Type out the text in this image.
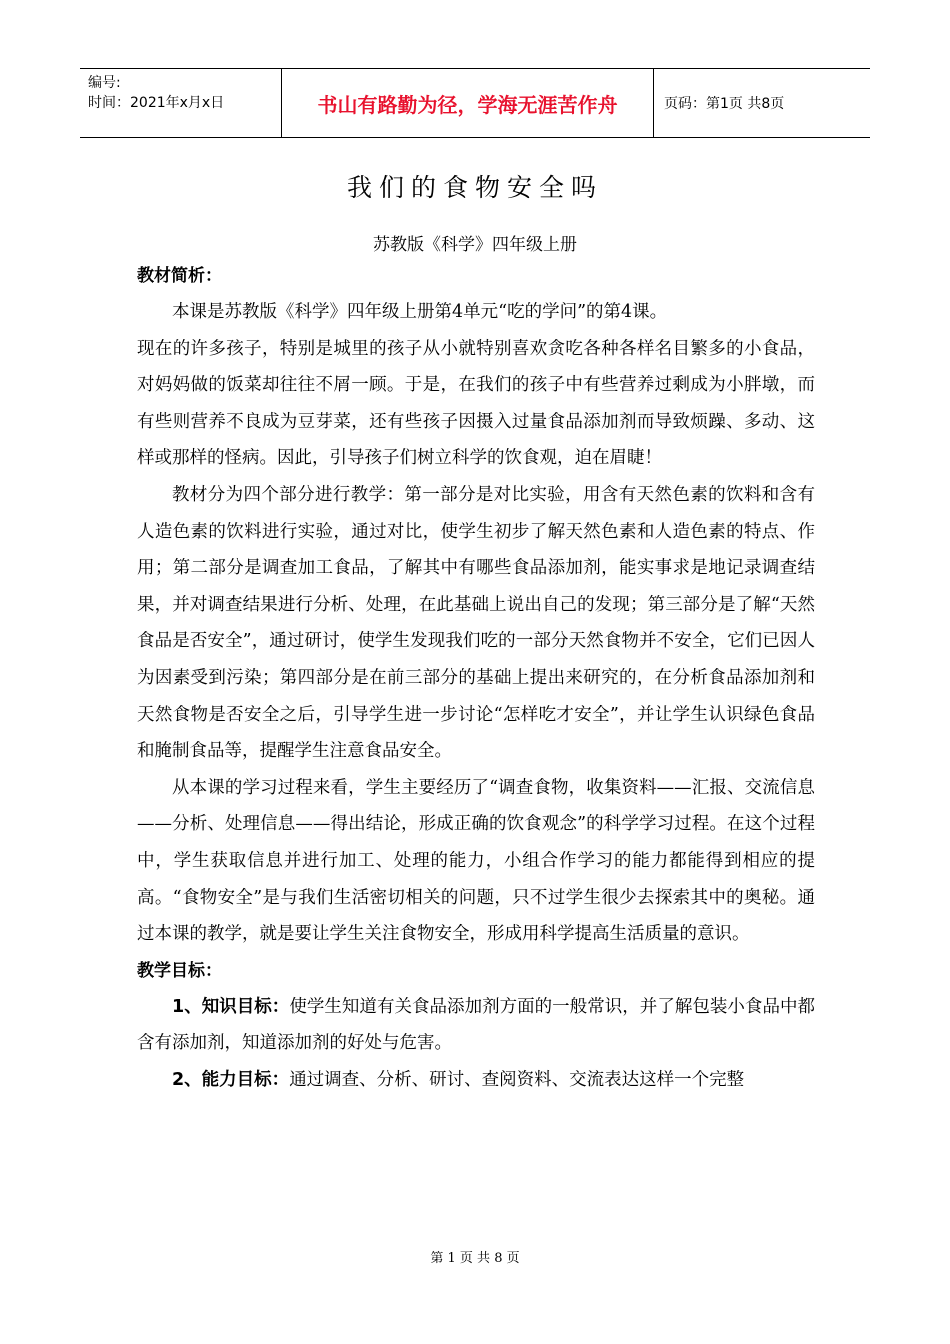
编号:
时间：2021年x月x日	书山有路勤为径，学海无涯苦作舟	页码：第1页 共8页
我们的食物安全吗
苏教版《科学》四年级上册
教材简析：

本课是苏教版《科学》四年级上册第4单元“吃的学问”的第4课。

现在的许多孩子，特别是城里的孩子从小就特别喜欢贪吃各种各样名目繁多的小食品，对妈妈做的饭菜却往往不屑一顾。于是，在我们的孩子中有些营养过剩成为小胖墩，而有些则营养不良成为豆芽菜，还有些孩子因摄入过量食品添加剂而导致烦躁、多动、这样或那样的怪病。因此，引导孩子们树立科学的饮食观，迫在眉睫！

教材分为四个部分进行教学：第一部分是对比实验，用含有天然色素的饮料和含有人造色素的饮料进行实验，通过对比，使学生初步了解天然色素和人造色素的特点、作用；第二部分是调查加工食品，了解其中有哪些食品添加剂，能实事求是地记录调查结果，并对调查结果进行分析、处理，在此基础上说出自己的发现；第三部分是了解“天然食品是否安全”，通过研讨，使学生发现我们吃的一部分天然食物并不安全，它们已因人为因素受到污染；第四部分是在前三部分的基础上提出来研究的，在分析食品添加剂和天然食物是否安全之后，引导学生进一步讨论“怎样吃才安全”，并让学生认识绿色食品和腌制食品等，提醒学生注意食品安全。

从本课的学习过程来看，学生主要经历了“调查食物，收集资料——汇报、交流信息——分析、处理信息——得出结论，形成正确的饮食观念”的科学学习过程。在这个过程中，学生获取信息并进行加工、处理的能力，小组合作学习的能力都能得到相应的提高。“食物安全”是与我们生活密切相关的问题，只不过学生很少去探索其中的奥秘。通过本课的教学，就是要让学生关注食物安全，形成用科学提高生活质量的意识。

教学目标：

1、知识目标：使学生知道有关食品添加剂方面的一般常识，并了解包装小食品中都含有添加剂，知道添加剂的好处与危害。

2、能力目标：通过调查、分析、研讨、查阅资料、交流表达这样一个完整

第 1 页 共 8 页
